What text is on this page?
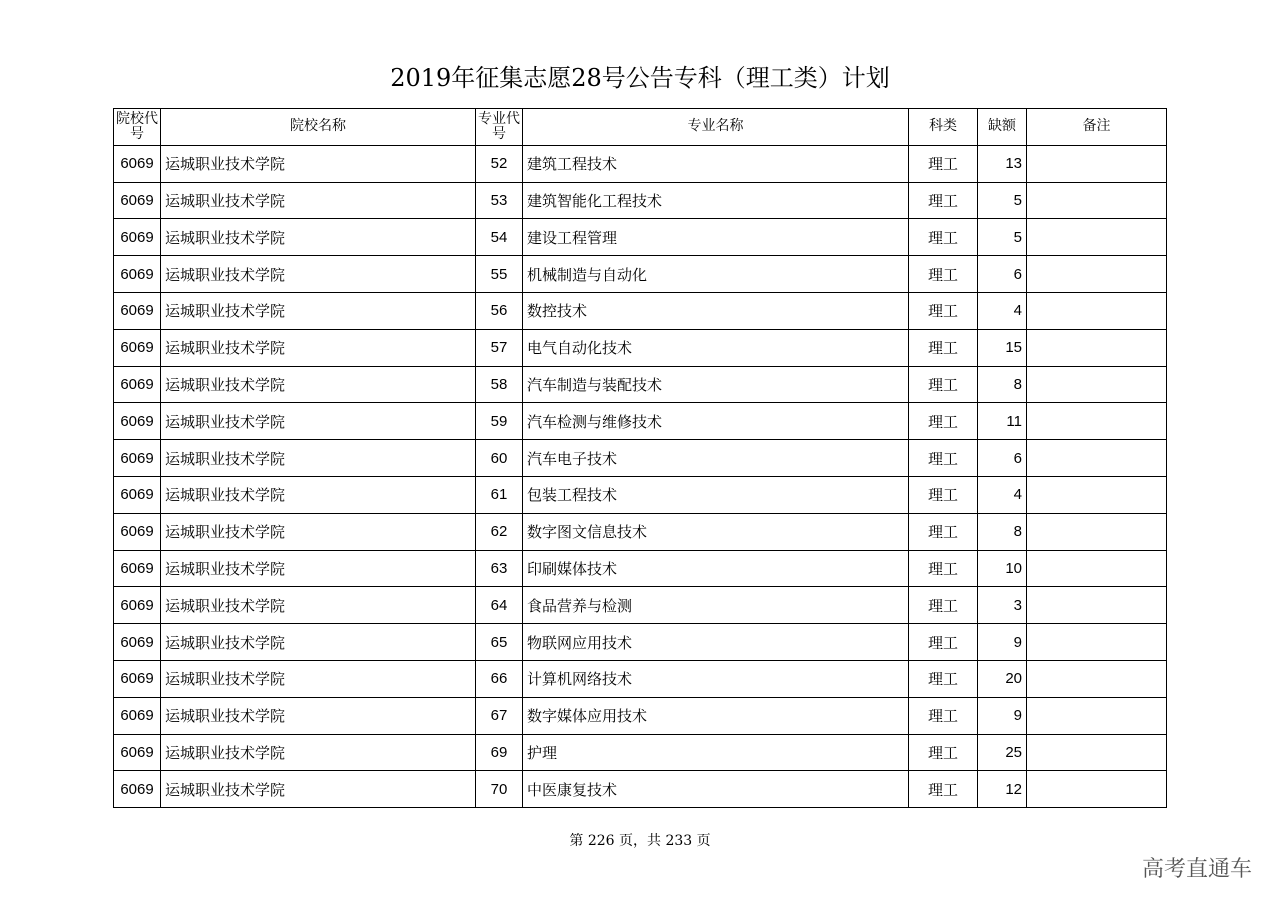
2019年征集志愿28号公告专科（理工类）计划
院校代号	院校名称	专业代号	专业名称	科类	缺额	备注
6069	运城职业技术学院	52	建筑工程技术	理工	13	
6069	运城职业技术学院	53	建筑智能化工程技术	理工	5	
6069	运城职业技术学院	54	建设工程管理	理工	5	
6069	运城职业技术学院	55	机械制造与自动化	理工	6	
6069	运城职业技术学院	56	数控技术	理工	4	
6069	运城职业技术学院	57	电气自动化技术	理工	15	
6069	运城职业技术学院	58	汽车制造与装配技术	理工	8	
6069	运城职业技术学院	59	汽车检测与维修技术	理工	11	
6069	运城职业技术学院	60	汽车电子技术	理工	6	
6069	运城职业技术学院	61	包装工程技术	理工	4	
6069	运城职业技术学院	62	数字图文信息技术	理工	8	
6069	运城职业技术学院	63	印刷媒体技术	理工	10	
6069	运城职业技术学院	64	食品营养与检测	理工	3	
6069	运城职业技术学院	65	物联网应用技术	理工	9	
6069	运城职业技术学院	66	计算机网络技术	理工	20	
6069	运城职业技术学院	67	数字媒体应用技术	理工	9	
6069	运城职业技术学院	69	护理	理工	25	
6069	运城职业技术学院	70	中医康复技术	理工	12	
第 226 页，共 233 页
高考直通车
